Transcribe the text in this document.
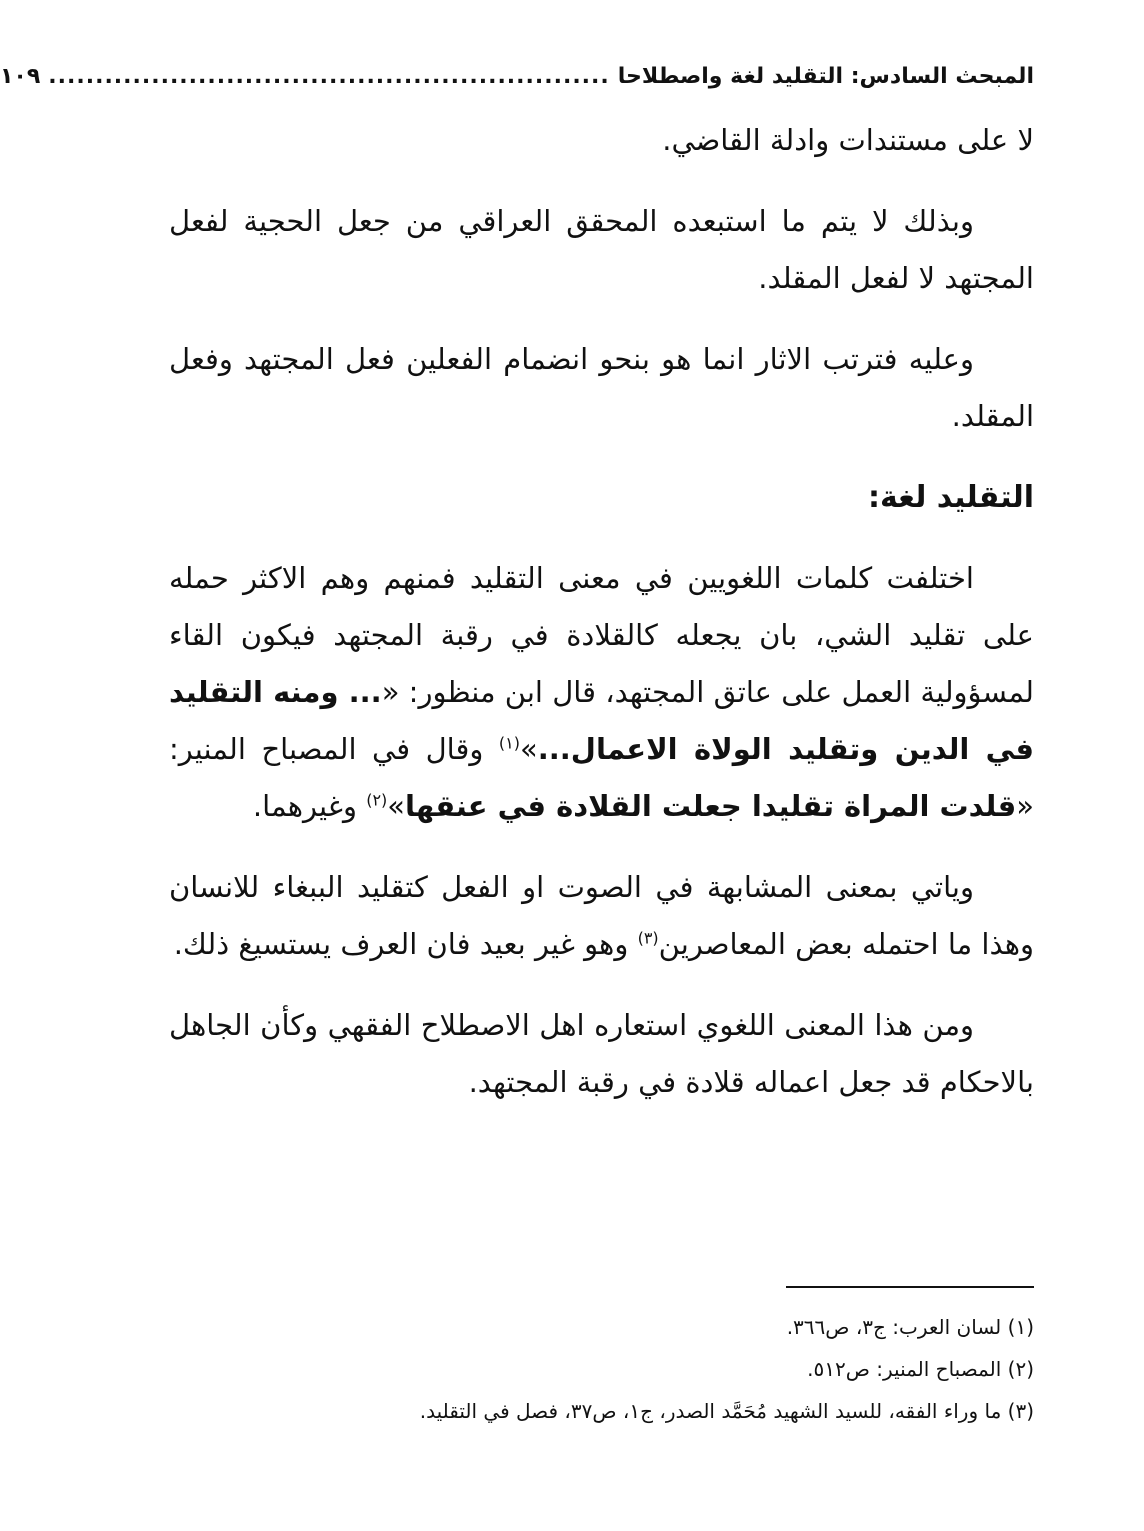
المبحث السادس: التقليد لغة واصطلاحا
............................................................
١٠٩

لا على مستندات وادلة القاضي.

وبذلك لا يتم ما استبعده المحقق العراقي من جعل الحجية لفعل المجتهد لا لفعل المقلد.

وعليه فترتب الاثار انما هو بنحو انضمام الفعلين فعل المجتهد وفعل المقلد.

التقليد لغة:

اختلفت كلمات اللغويين في معنى التقليد فمنهم وهم الاكثر حمله على تقليد الشي، بان يجعله كالقلادة في رقبة المجتهد فيكون القاء لمسؤولية العمل على عاتق المجتهد، قال ابن منظور: «... ومنه التقليد في الدين وتقليد الولاة الاعمال...»$^{(١)}$ وقال في المصباح المنير: «قلدت المراة تقليدا جعلت القلادة في عنقها»$^{(٢)}$ وغيرهما.

وياتي بمعنى المشابهة في الصوت او الفعل كتقليد الببغاء للانسان وهذا ما احتمله بعض المعاصرين$^{(٣)}$ وهو غير بعيد فان العرف يستسيغ ذلك.

ومن هذا المعنى اللغوي استعاره اهل الاصطلاح الفقهي وكأن الجاهل بالاحكام قد جعل اعماله قلادة في رقبة المجتهد.

(١) لسان العرب: ج٣، ص٣٦٦.
(٢) المصباح المنير: ص٥١٢.
(٣) ما وراء الفقه، للسيد الشهيد مُحَمَّد الصدر، ج١، ص٣٧، فصل في التقليد.
